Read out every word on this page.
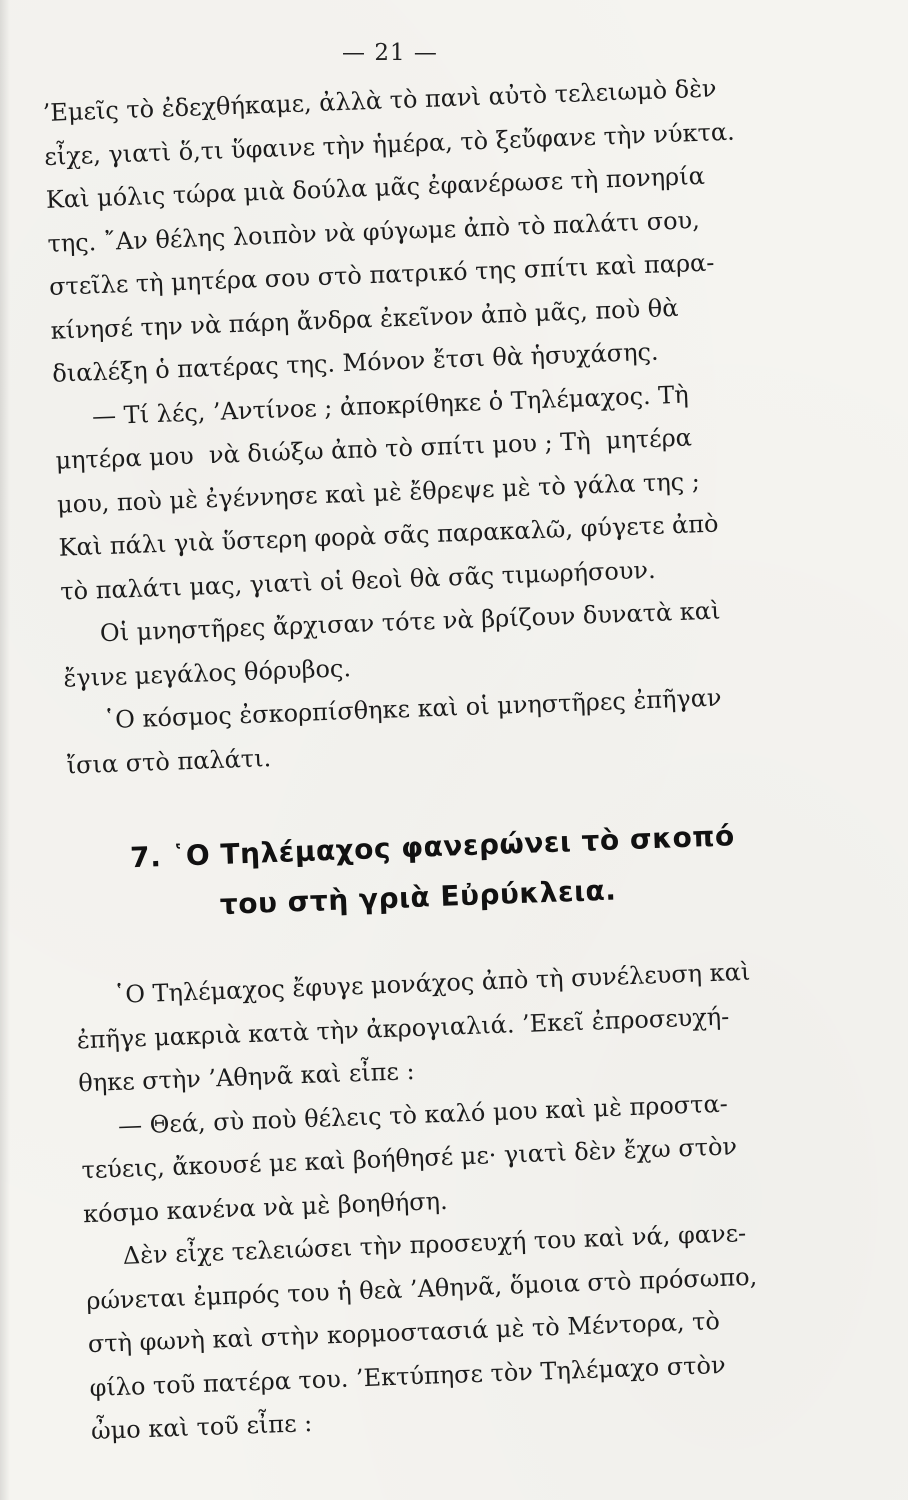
— 21 —
’Εμεῖς τὸ ἐδεχθήκαμε, ἀλλὰ τὸ πανὶ αὐτὸ τελειωμὸ δὲν
εἶχε, γιατὶ ὅ,τι ὕφαινε τὴν ἡμέρα, τὸ ξεὔφανε τὴν νύκτα.
Καὶ μόλις τώρα μιὰ δούλα μᾶς ἐφανέρωσε τὴ πονηρία
της. ῎Αν θέλης λοιπὸν νὰ φύγωμε ἀπὸ τὸ παλάτι σου,
στεῖλε τὴ μητέρα σου στὸ πατρικό της σπίτι καὶ παρα-
κίνησέ την νὰ πάρη ἄνδρα ἐκεῖνον ἀπὸ μᾶς, ποὺ θὰ
διαλέξη ὁ πατέρας της. Μόνον ἔτσι θὰ ἡσυχάσης.
— Τί λές, ’Αντίνοε ; ἀποκρίθηκε ὁ Τηλέμαχος. Τὴ
μητέρα μου  νὰ διώξω ἀπὸ τὸ σπίτι μου ; Τὴ  μητέρα
μου, ποὺ μὲ ἐγέννησε καὶ μὲ ἔθρεψε μὲ τὸ γάλα της ;
Καὶ πάλι γιὰ ὕστερη φορὰ σᾶς παρακαλῶ, φύγετε ἀπὸ
τὸ παλάτι μας, γιατὶ οἱ θεοὶ θὰ σᾶς τιμωρήσουν.
Οἱ μνηστῆρες ἄρχισαν τότε νὰ βρίζουν δυνατὰ καὶ
ἔγινε μεγάλος θόρυβος.
῾Ο κόσμος ἐσκορπίσθηκε καὶ οἱ μνηστῆρες ἐπῆγαν
ἴσια στὸ παλάτι.
7. ῾Ο Τηλέμαχος φανερώνει τὸ σκοπό
του στὴ γριὰ Εὐρύκλεια.
῾Ο Τηλέμαχος ἔφυγε μονάχος ἀπὸ τὴ συνέλευση καὶ
ἐπῆγε μακριὰ κατὰ τὴν ἀκρογιαλιά. ’Εκεῖ ἐπροσευχή-
θηκε στὴν ’Αθηνᾶ καὶ εἶπε :
— Θεά, σὺ ποὺ θέλεις τὸ καλό μου καὶ μὲ προστα-
τεύεις, ἄκουσέ με καὶ βοήθησέ με· γιατὶ δὲν ἔχω στὸν
κόσμο κανένα νὰ μὲ βοηθήση.
Δὲν εἶχε τελειώσει τὴν προσευχή του καὶ νά, φανε-
ρώνεται ἐμπρός του ἡ θεὰ ’Αθηνᾶ, ὅμοια στὸ πρόσωπο,
στὴ φωνὴ καὶ στὴν κορμοστασιά μὲ τὸ Μέντορα, τὸ
φίλο τοῦ πατέρα του. ’Εκτύπησε τὸν Τηλέμαχο στὸν
ὦμο καὶ τοῦ εἶπε :
